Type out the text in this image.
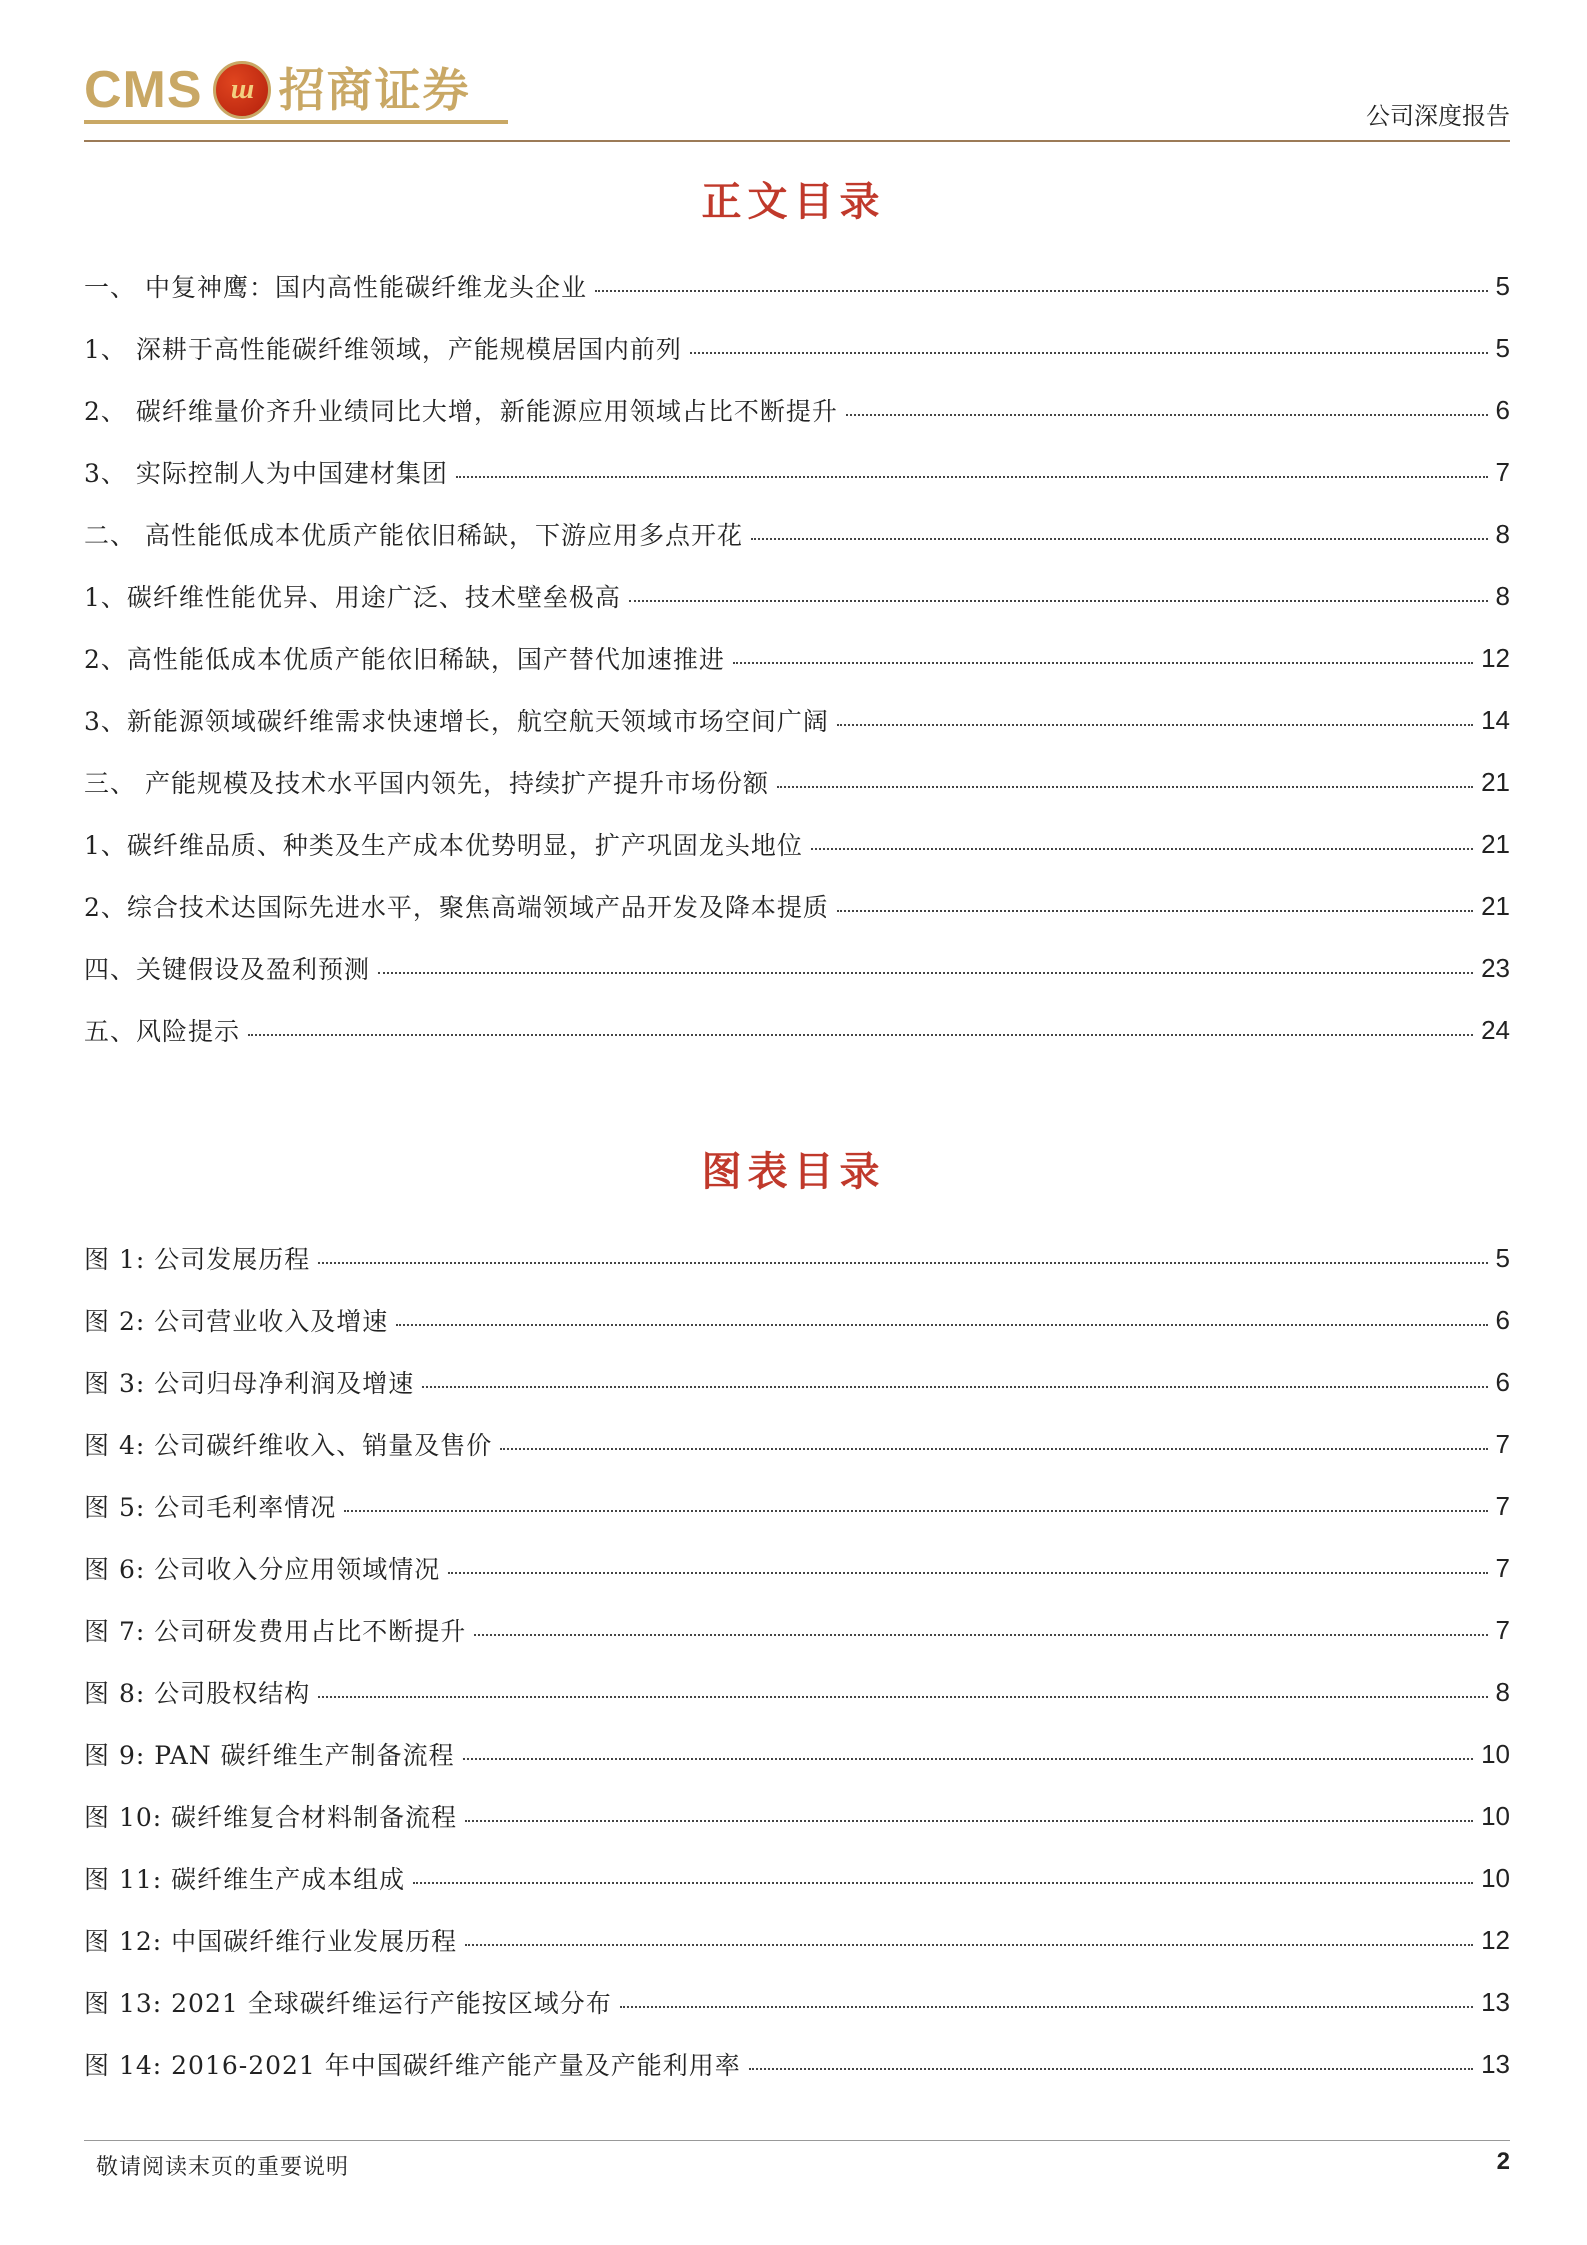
CMS ш 招商证券	公司深度报告
正文目录
一、 中复神鹰：国内高性能碳纤维龙头企业	5
1、 深耕于高性能碳纤维领域，产能规模居国内前列	5
2、 碳纤维量价齐升业绩同比大增，新能源应用领域占比不断提升	6
3、 实际控制人为中国建材集团	7
二、 高性能低成本优质产能依旧稀缺，下游应用多点开花	8
1、碳纤维性能优异、用途广泛、技术壁垒极高	8
2、高性能低成本优质产能依旧稀缺，国产替代加速推进	12
3、新能源领域碳纤维需求快速增长，航空航天领域市场空间广阔	14
三、 产能规模及技术水平国内领先，持续扩产提升市场份额	21
1、碳纤维品质、种类及生产成本优势明显，扩产巩固龙头地位	21
2、综合技术达国际先进水平，聚焦高端领域产品开发及降本提质	21
四、关键假设及盈利预测	23
五、风险提示	24
图表目录
图 1: 公司发展历程	5
图 2: 公司营业收入及增速	6
图 3: 公司归母净利润及增速	6
图 4: 公司碳纤维收入、销量及售价	7
图 5: 公司毛利率情况	7
图 6: 公司收入分应用领域情况	7
图 7: 公司研发费用占比不断提升	7
图 8: 公司股权结构	8
图 9: PAN 碳纤维生产制备流程	10
图 10: 碳纤维复合材料制备流程	10
图 11: 碳纤维生产成本组成	10
图 12: 中国碳纤维行业发展历程	12
图 13: 2021 全球碳纤维运行产能按区域分布	13
图 14: 2016-2021 年中国碳纤维产能产量及产能利用率	13
敬请阅读末页的重要说明	2
